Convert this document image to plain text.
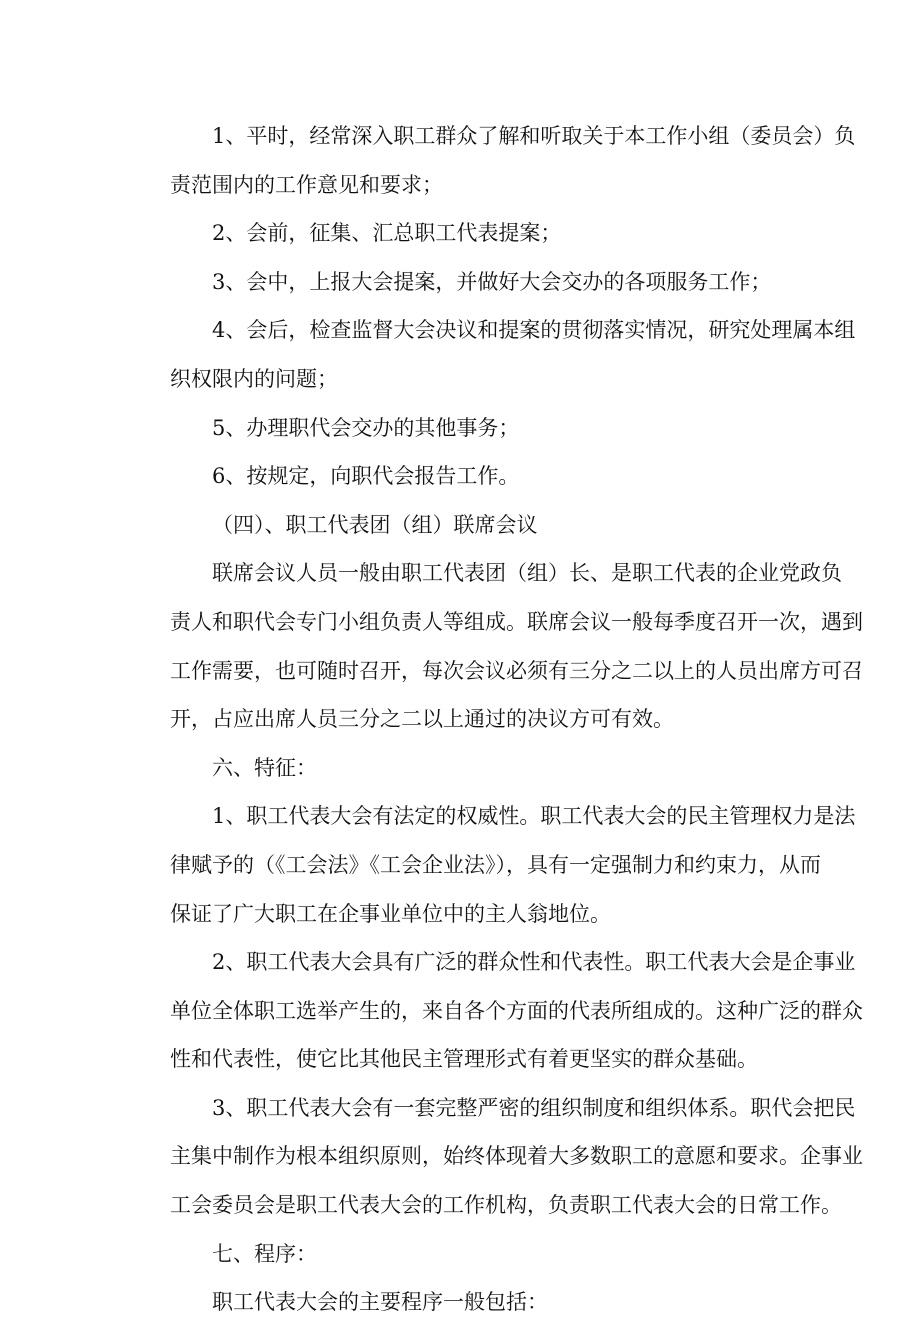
1、平时，经常深入职工群众了解和听取关于本工作小组（委员会）负
责范围内的工作意见和要求；

2、会前，征集、汇总职工代表提案；

3、会中，上报大会提案，并做好大会交办的各项服务工作；

4、会后，检查监督大会决议和提案的贯彻落实情况，研究处理属本组
织权限内的问题；

5、办理职代会交办的其他事务；

6、按规定，向职代会报告工作。

（四）、职工代表团（组）联席会议

联席会议人员一般由职工代表团（组）长、是职工代表的企业党政负
责人和职代会专门小组负责人等组成。联席会议一般每季度召开一次，遇到
工作需要，也可随时召开，每次会议必须有三分之二以上的人员出席方可召
开，占应出席人员三分之二以上通过的决议方可有效。

六、特征：

1、职工代表大会有法定的权威性。职工代表大会的民主管理权力是法
律赋予的（《工会法》《工会企业法》），具有一定强制力和约束力，从而
保证了广大职工在企事业单位中的主人翁地位。

2、职工代表大会具有广泛的群众性和代表性。职工代表大会是企事业
单位全体职工选举产生的，来自各个方面的代表所组成的。这种广泛的群众
性和代表性，使它比其他民主管理形式有着更坚实的群众基础。

3、职工代表大会有一套完整严密的组织制度和组织体系。职代会把民
主集中制作为根本组织原则，始终体现着大多数职工的意愿和要求。企事业
工会委员会是职工代表大会的工作机构，负责职工代表大会的日常工作。

七、程序：

职工代表大会的主要程序一般包括：
